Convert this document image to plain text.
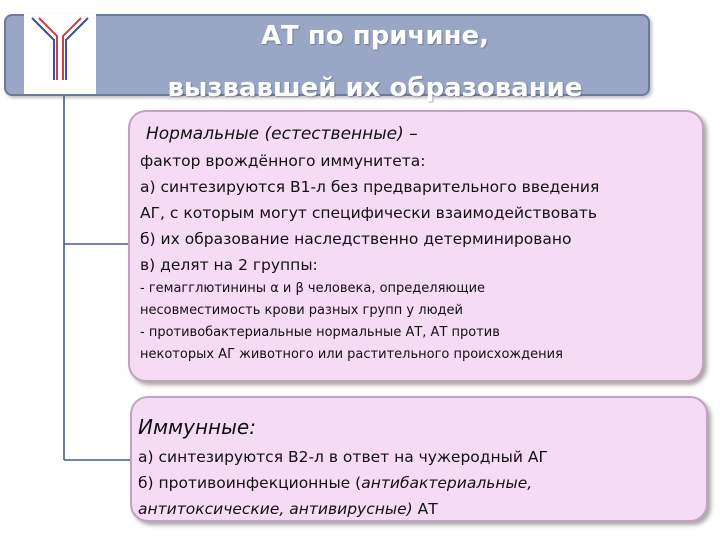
АТ по причине,
вызвавшей их образование
Нормальные (естественные) –
фактор врождённого иммунитета:
а) синтезируются В1-л без предварительного введения
АГ, с которым могут специфически взаимодействовать
б) их образование наследственно детерминировано
в) делят на 2 группы:
- гемагглютинины α и β человека, определяющие
несовместимость крови разных групп у людей
- противобактериальные нормальные АТ, АТ против
некоторых АГ животного или растительного происхождения
Иммунные:
а) синтезируются В2-л в ответ на чужеродный АГ
б) противоинфекционные (антибактериальные,
антитоксические, антивирусные) АТ
